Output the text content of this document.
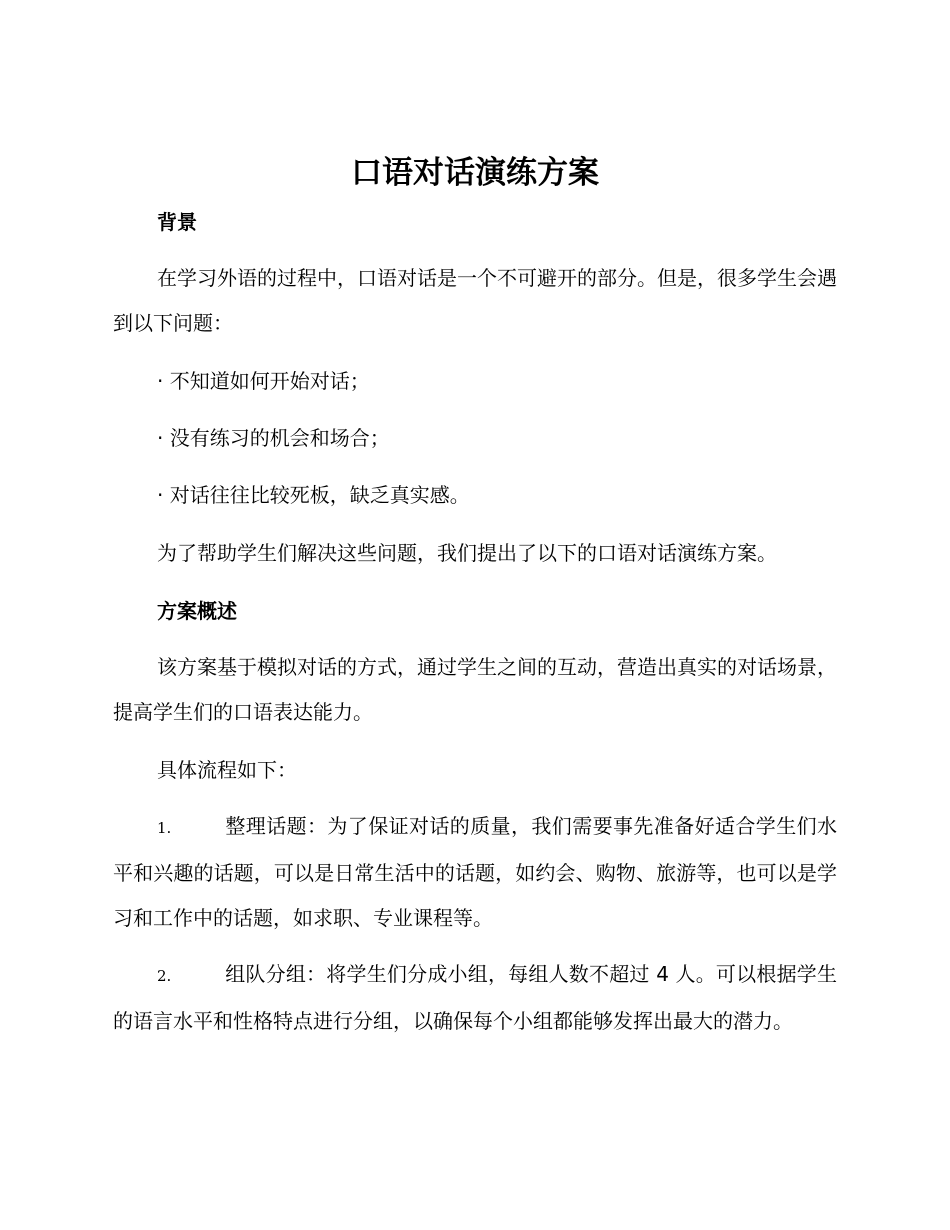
口语对话演练方案
背景

在学习外语的过程中，口语对话是一个不可避开的部分。但是，很多学生会遇到以下问题：

· 不知道如何开始对话；

· 没有练习的机会和场合；

· 对话往往比较死板，缺乏真实感。

为了帮助学生们解决这些问题，我们提出了以下的口语对话演练方案。

方案概述

该方案基于模拟对话的方式，通过学生之间的互动，营造出真实的对话场景，提高学生们的口语表达能力。

具体流程如下：

1.	整理话题：为了保证对话的质量，我们需要事先准备好适合学生们水平和兴趣的话题，可以是日常生活中的话题，如约会、购物、旅游等，也可以是学习和工作中的话题，如求职、专业课程等。

2.	组队分组：将学生们分成小组，每组人数不超过 4 人。可以根据学生的语言水平和性格特点进行分组，以确保每个小组都能够发挥出最大的潜力。
